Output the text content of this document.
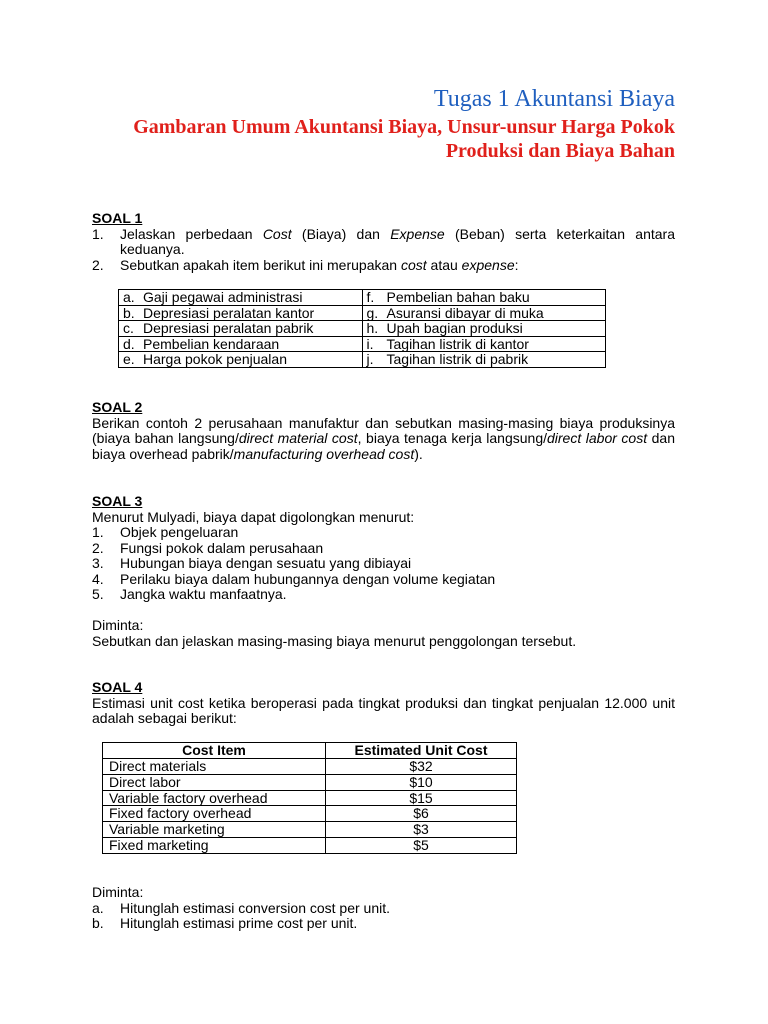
Tugas 1 Akuntansi Biaya
Gambaran Umum Akuntansi Biaya, Unsur-unsur Harga Pokok
Produksi dan Biaya Bahan
SOAL 1
1.	Jelaskan perbedaan Cost (Biaya) dan Expense (Beban) serta keterkaitan antara keduanya.
2.	Sebutkan apakah item berikut ini merupakan cost atau expense:
a. Gaji pegawai administrasi	f. Pembelian bahan baku
b. Depresiasi peralatan kantor	g. Asuransi dibayar di muka
c. Depresiasi peralatan pabrik	h. Upah bagian produksi
d. Pembelian kendaraan	i. Tagihan listrik di kantor
e. Harga pokok penjualan	j. Tagihan listrik di pabrik
SOAL 2
Berikan contoh 2 perusahaan manufaktur dan sebutkan masing-masing biaya produksinya (biaya bahan langsung/direct material cost, biaya tenaga kerja langsung/direct labor cost dan biaya overhead pabrik/manufacturing overhead cost).
SOAL 3
Menurut Mulyadi, biaya dapat digolongkan menurut:
1.	Objek pengeluaran
2.	Fungsi pokok dalam perusahaan
3.	Hubungan biaya dengan sesuatu yang dibiayai
4.	Perilaku biaya dalam hubungannya dengan volume kegiatan
5.	Jangka waktu manfaatnya.
Diminta:
Sebutkan dan jelaskan masing-masing biaya menurut penggolongan tersebut.
SOAL 4
Estimasi unit cost ketika beroperasi pada tingkat produksi dan tingkat penjualan 12.000 unit adalah sebagai berikut:
Cost Item	Estimated Unit Cost
Direct materials	$32
Direct labor	$10
Variable factory overhead	$15
Fixed factory overhead	$6
Variable marketing	$3
Fixed marketing	$5
Diminta:
a.	Hitunglah estimasi conversion cost per unit.
b.	Hitunglah estimasi prime cost per unit.
